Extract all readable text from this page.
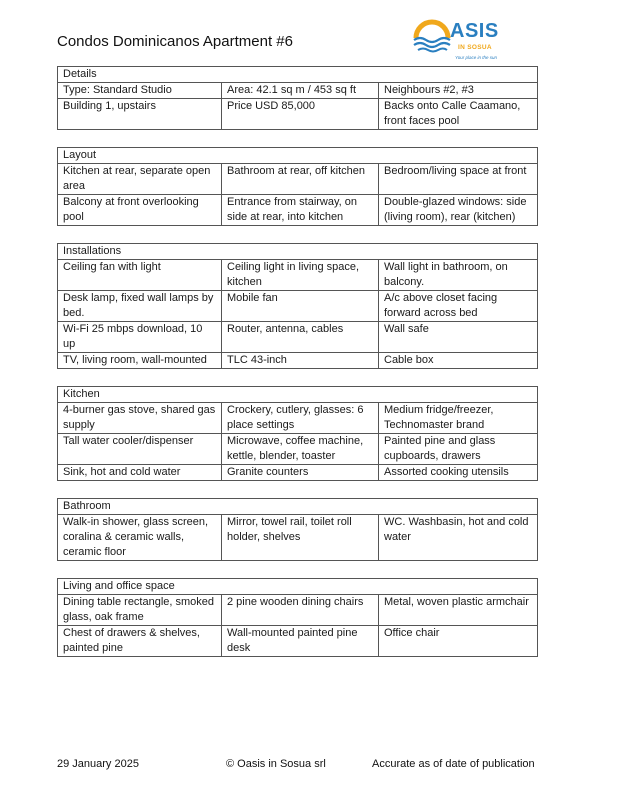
Condos Dominicanos Apartment #6	ASIS
IN SOSUA
Your place in the sun
Details		
Type: Standard Studio	Area: 42.1 sq m / 453 sq ft	Neighbours #2, #3
Building 1, upstairs	Price USD 85,000	Backs onto Calle Caamano, front faces pool
Layout		
Kitchen at rear, separate open area	Bathroom at rear, off kitchen	Bedroom/living space at front
Balcony at front overlooking pool	Entrance from stairway, on side at rear, into kitchen	Double-glazed windows: side (living room), rear (kitchen)
Installations		
Ceiling fan with light	Ceiling light in living space, kitchen	Wall light in bathroom, on balcony.
Desk lamp, fixed wall lamps by bed.	Mobile fan	A/c above closet facing forward across bed
Wi-Fi 25 mbps download, 10 up	Router, antenna, cables	Wall safe
TV, living room, wall-mounted	TLC 43-inch	Cable box
Kitchen		
4-burner gas stove, shared gas supply	Crockery, cutlery, glasses: 6 place settings	Medium fridge/freezer, Technomaster brand
Tall water cooler/dispenser	Microwave, coffee machine, kettle, blender, toaster	Painted pine and glass cupboards, drawers
Sink, hot and cold water	Granite counters	Assorted cooking utensils
Bathroom
Walk-in shower, glass screen, coralina & ceramic walls, ceramic floor	Mirror, towel rail, toilet roll holder, shelves	WC. Washbasin, hot and cold water
Living and office space		
Dining table rectangle, smoked glass, oak frame	2 pine wooden dining chairs	Metal, woven plastic armchair
Chest of drawers & shelves, painted pine	Wall-mounted painted pine desk	Office chair
29 January 2025	© Oasis in Sosua srl	Accurate as of date of publication
